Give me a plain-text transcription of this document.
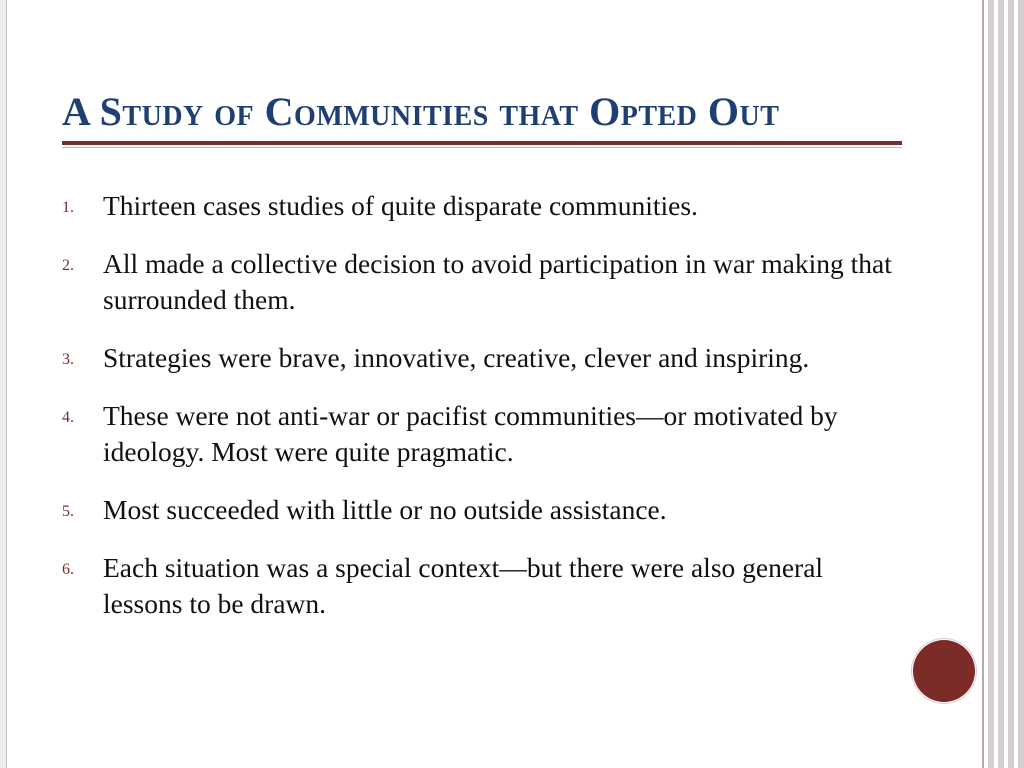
A Study of Communities that Opted Out
1.	Thirteen cases studies of quite disparate communities.
2.	All made a collective decision to avoid participation in war making that surrounded them.
3.	Strategies were brave, innovative, creative, clever and inspiring.
4.	These were not anti-war or pacifist communities—or motivated by ideology. Most were quite pragmatic.
5.	Most succeeded with little or no outside assistance.
6.	Each situation was a special context—but there were also general lessons to be drawn.
